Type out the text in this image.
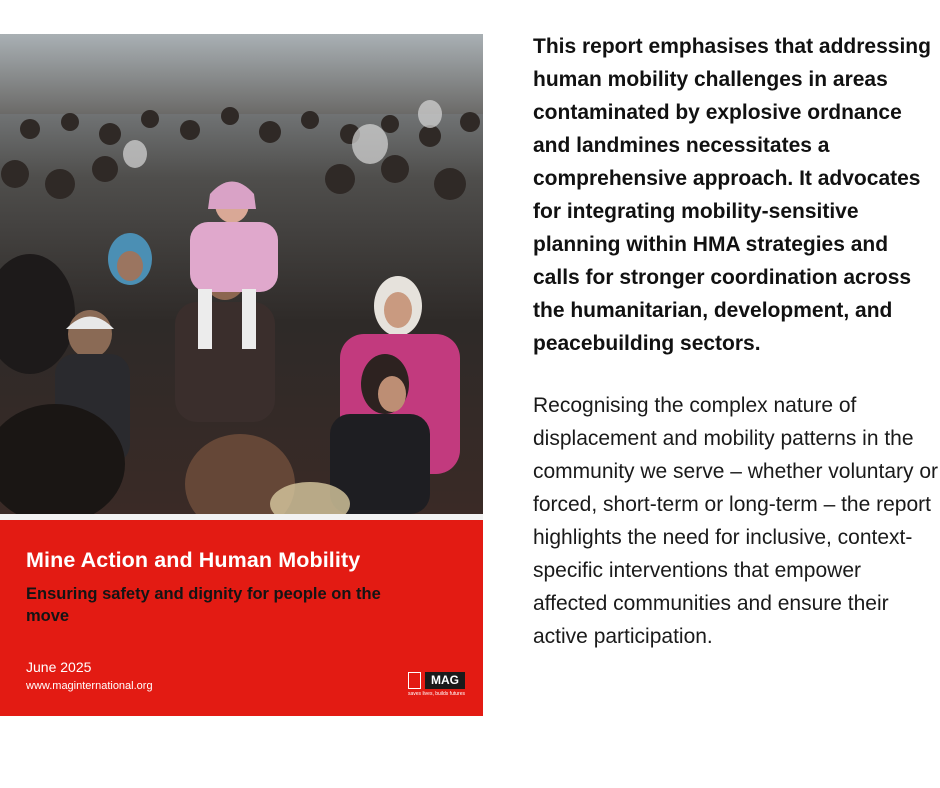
Mine Action and Human Mobility
Ensuring safety and dignity for people on the move
June 2025
www.maginternational.org	MAG
saves lives, builds futures

This report emphasises that addressing human mobility challenges in areas contaminated by explosive ordnance and landmines necessitates a comprehensive approach. It advocates for integrating mobility-sensitive planning within HMA strategies and calls for stronger coordination across the humanitarian, development, and peacebuilding sectors.

Recognising the complex nature of displacement and mobility patterns in the community we serve – whether voluntary or forced, short-term or long-term – the report highlights the need for inclusive, context- specific interventions that empower affected communities and ensure their active participation.
